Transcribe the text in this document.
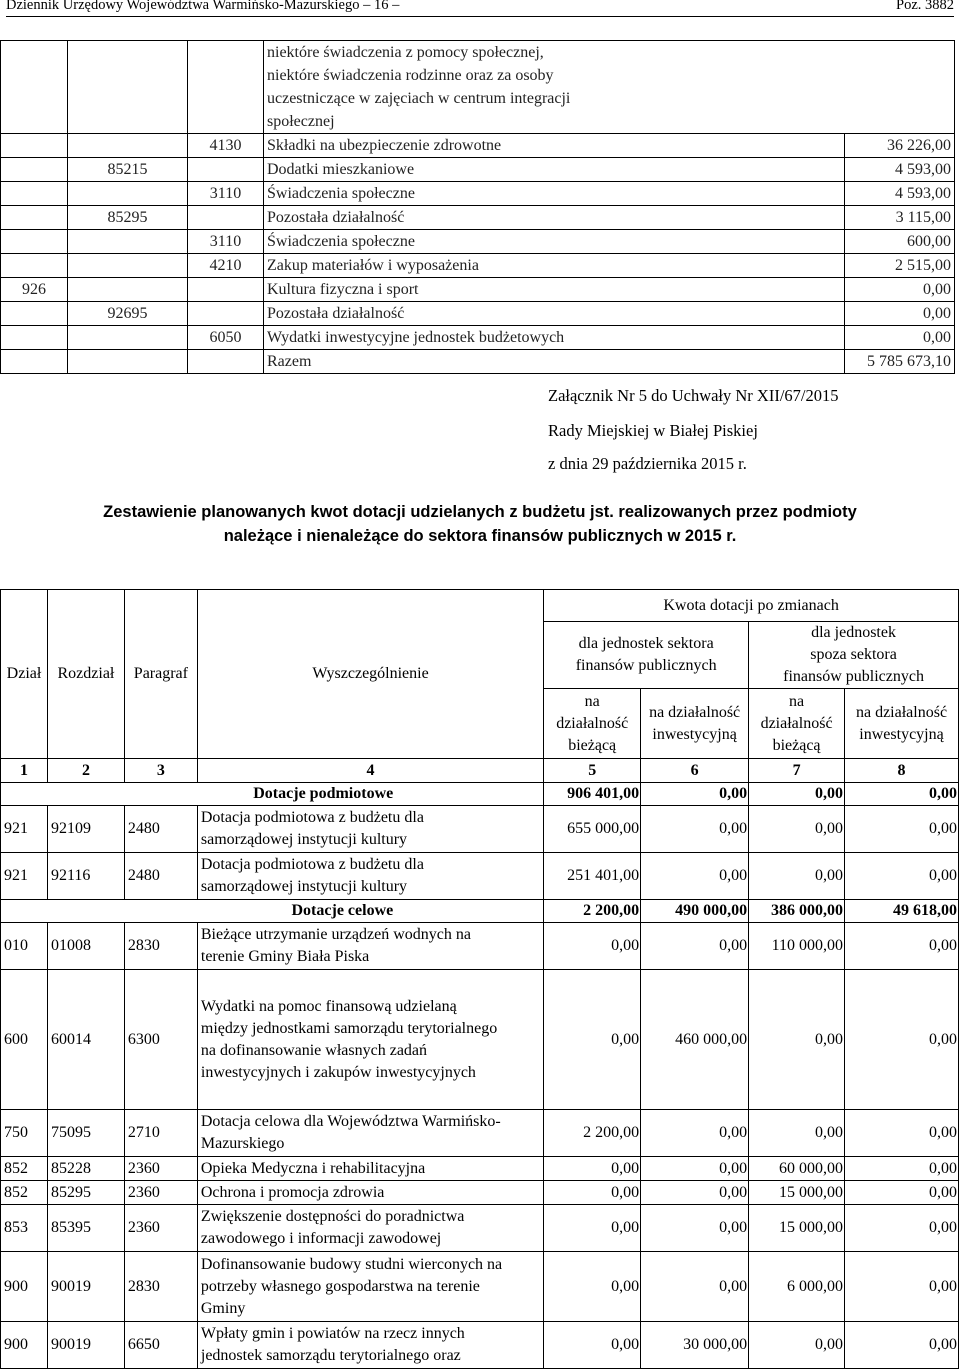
Dziennik Urzędowy Województwa Warmińsko-Mazurskiego – 16 –	Poz. 3882
			niektóre świadczenia z pomocy społecznej, niektóre świadczenia rodzinne oraz za osoby uczestniczące w zajęciach w centrum integracji społecznej	
		4130	Składki na ubezpieczenie zdrowotne	36 226,00
	85215		Dodatki mieszkaniowe	4 593,00
		3110	Świadczenia społeczne	4 593,00
	85295		Pozostała działalność	3 115,00
		3110	Świadczenia społeczne	600,00
		4210	Zakup materiałów i wyposażenia	2 515,00
926			Kultura fizyczna i sport	0,00
	92695		Pozostała działalność	0,00
		6050	Wydatki inwestycyjne jednostek budżetowych	0,00
			Razem	5 785 673,10
Załącznik Nr 5 do Uchwały Nr XII/67/2015
Rady Miejskiej w Białej Piskiej
z dnia 29 października 2015 r.
Zestawienie planowanych kwot dotacji udzielanych z budżetu jst. realizowanych przez podmioty
należące i nienależące do sektora finansów publicznych w 2015 r.
Dział	Rozdział	Paragraf	Wyszczególnienie	Kwota dotacji po zmianach			
				dla jednostek sektora finansów publicznych		dla jednostek spoza sektora
finansów publicznych	

				na działalność bieżącą	na działalność inwestycyjną	na działalność bieżącą	na działalność inwestycyjną
1	2	3	4	5	6	7	8
Dotacje podmiotowe				906 401,00	0,00	0,00	0,00
921	92109	2480	Dotacja podmiotowa z budżetu dla samorządowej instytucji kultury	655 000,00	0,00	0,00	0,00
921	92116	2480	Dotacja podmiotowa z budżetu dla samorządowej instytucji kultury	251 401,00	0,00	0,00	0,00
Dotacje celowe				2 200,00	490 000,00	386 000,00	49 618,00
010	01008	2830	Bieżące utrzymanie urządzeń wodnych na terenie Gminy Biała Piska	0,00	0,00	110 000,00	0,00
600	60014	6300	Wydatki na pomoc finansową udzielaną między jednostkami samorządu terytorialnego na dofinansowanie własnych zadań inwestycyjnych i zakupów inwestycyjnych	0,00	460 000,00	0,00	0,00
750	75095	2710	Dotacja celowa dla Województwa Warmińsko-Mazurskiego	2 200,00	0,00	0,00	0,00
852	85228	2360	Opieka Medyczna i rehabilitacyjna	0,00	0,00	60 000,00	0,00
852	85295	2360	Ochrona i promocja zdrowia	0,00	0,00	15 000,00	0,00
853	85395	2360	Zwiększenie dostępności do poradnictwa zawodowego i informacji zawodowej	0,00	0,00	15 000,00	0,00
900	90019	2830	Dofinansowanie budowy studni wierconych na potrzeby własnego gospodarstwa na terenie Gminy	0,00	0,00	6 000,00	0,00
900	90019	6650	Wpłaty gmin i powiatów na rzecz innych jednostek samorządu terytorialnego oraz	0,00	30 000,00	0,00	0,00
